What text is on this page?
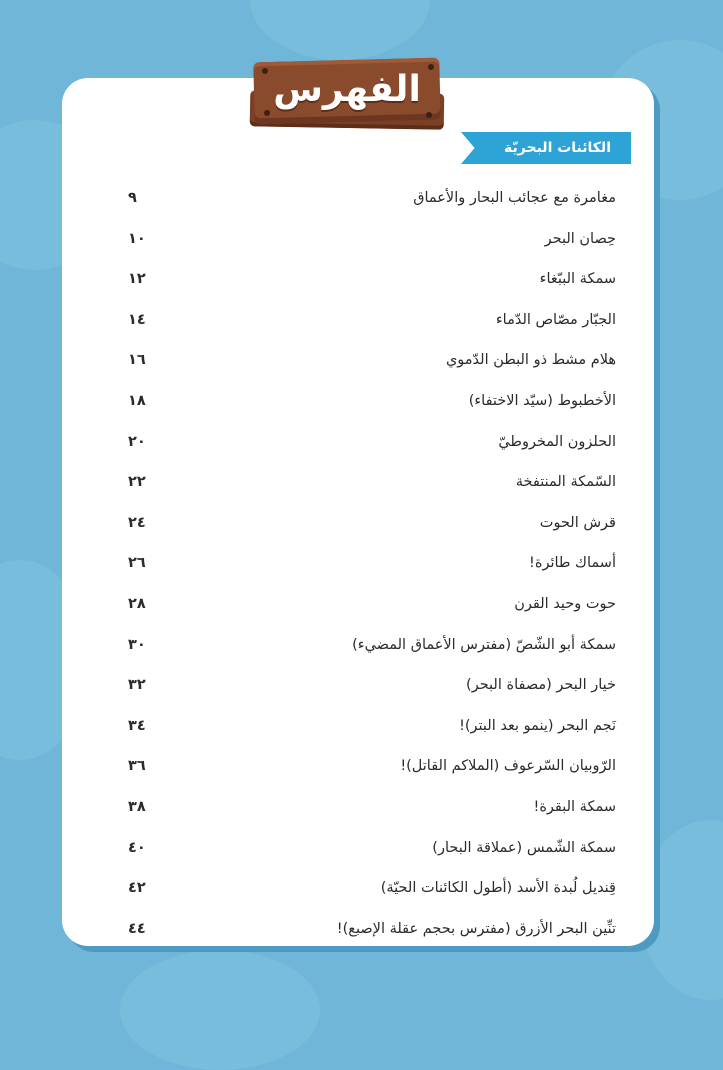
الفهرس
الكائنات البحريّة
مغامرة مع عجائب البحار والأعماق
٩
حِصان البحر
١٠
سمكة الببّغاء
١٢
الجبّار مصّاص الدّماء
١٤
هلام مشط ذو البطن الدّموي
١٦
الأخطبوط (سيّد الاختفاء)
١٨
الحلزون المخروطيّ
٢٠
السّمكة المنتفخة
٢٢
قرش الحوت
٢٤
أسماك طائرة!
٢٦
حوت وحيد القرن
٢٨
سمكة أبو الشّصّ (مفترس الأعماق المضيء)
٣٠
خيار البحر (مصفاة البحر)
٣٢
نَجم البحر (ينمو بعد البتر)!
٣٤
الرّوبيان السّرعوف (الملاكم القاتل)!
٣٦
سمكة البقرة!
٣٨
سمكة الشّمس (عملاقة البحار)
٤٠
قِنديل لُبدة الأسد (أطول الكائنات الحيّة)
٤٢
تنِّين البحر الأزرق (مفترس بحجم عقلة الإصبع)!
٤٤
